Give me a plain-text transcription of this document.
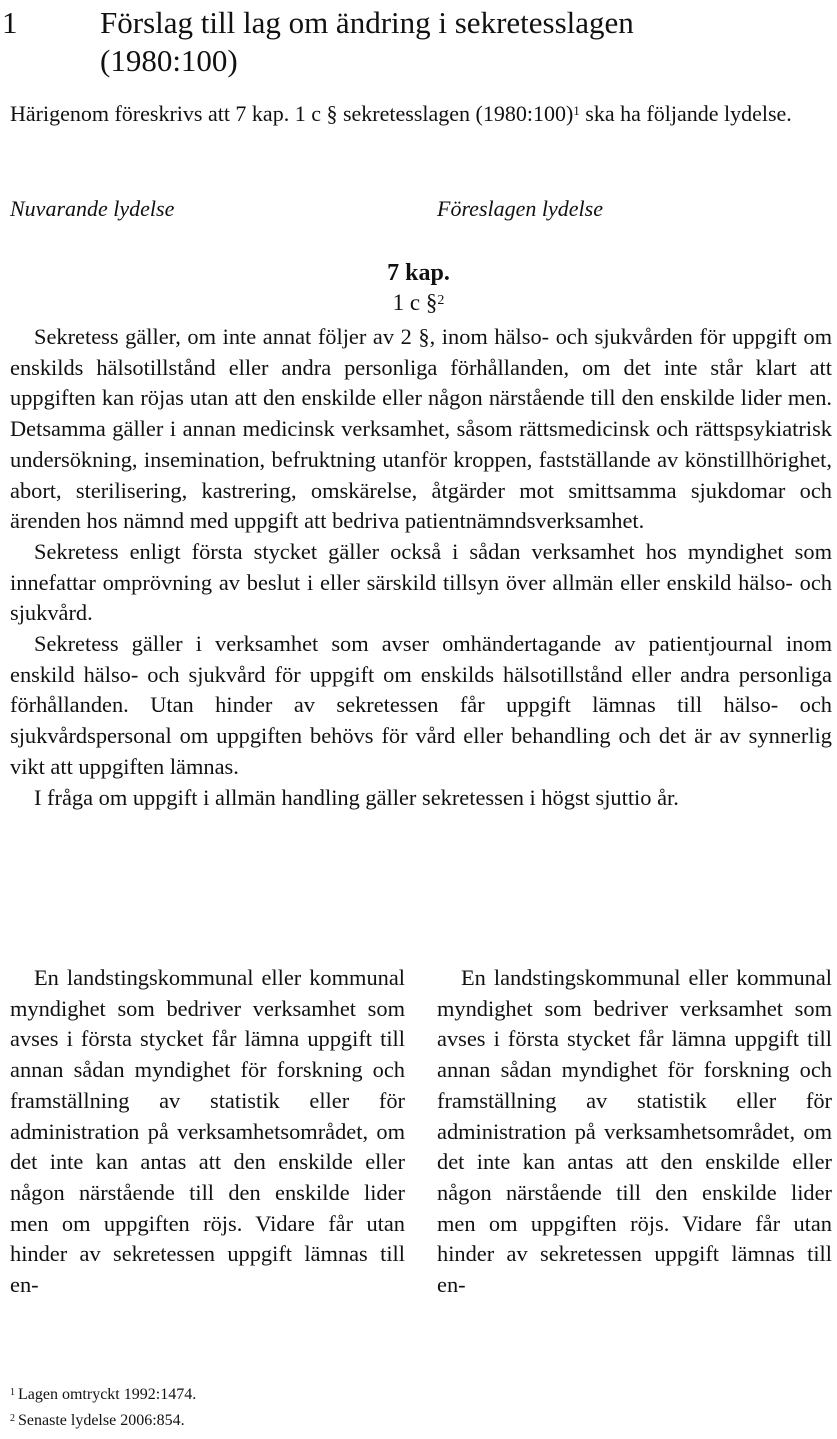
1	Förslag till lag om ändring i sekretesslagen
(1980:100)
Härigenom föreskrivs att 7 kap. 1 c § sekretesslagen (1980:100)$^1$ ska ha följande lydelse.
Nuvarande lydelse	Föreslagen lydelse
7 kap.
1 c §$^2$

Sekretess gäller, om inte annat följer av 2 §, inom hälso- och sjukvården för uppgift om enskilds hälsotillstånd eller andra personliga förhållanden, om det inte står klart att uppgiften kan röjas utan att den enskilde eller någon närstående till den enskilde lider men. Detsamma gäller i annan medicinsk verksamhet, såsom rättsmedicinsk och rättspsykiatrisk undersökning, insemination, befruktning utanför kroppen, fastställande av könstillhörighet, abort, sterilisering, kastrering, omskärelse, åtgärder mot smittsamma sjukdomar och ärenden hos nämnd med uppgift att bedriva patientnämndsverksamhet.

Sekretess enligt första stycket gäller också i sådan verksamhet hos myndighet som innefattar omprövning av beslut i eller särskild tillsyn över allmän eller enskild hälso- och sjukvård.

Sekretess gäller i verksamhet som avser omhändertagande av patientjournal inom enskild hälso- och sjukvård för uppgift om enskilds hälsotillstånd eller andra personliga förhållanden. Utan hinder av sekretessen får uppgift lämnas till hälso- och sjukvårdspersonal om uppgiften behövs för vård eller behandling och det är av synnerlig vikt att uppgiften lämnas.

I fråga om uppgift i allmän handling gäller sekretessen i högst sjuttio år.

En landstingskommunal eller kommunal myndighet som bedriver verksamhet som avses i första stycket får lämna uppgift till annan sådan myndighet för forskning och framställning av statistik eller för administration på verksamhetsområdet, om det inte kan antas att den enskilde eller någon närstående till den enskilde lider men om uppgiften röjs. Vidare får utan hinder av sekretessen uppgift lämnas till en-

En landstingskommunal eller kommunal myndighet som bedriver verksamhet som avses i första stycket får lämna uppgift till annan sådan myndighet för forskning och framställning av statistik eller för administration på verksamhetsområdet, om det inte kan antas att den enskilde eller någon närstående till den enskilde lider men om uppgiften röjs. Vidare får utan hinder av sekretessen uppgift lämnas till en-

$^1$ Lagen omtryckt 1992:1474.
$^2$ Senaste lydelse 2006:854.
